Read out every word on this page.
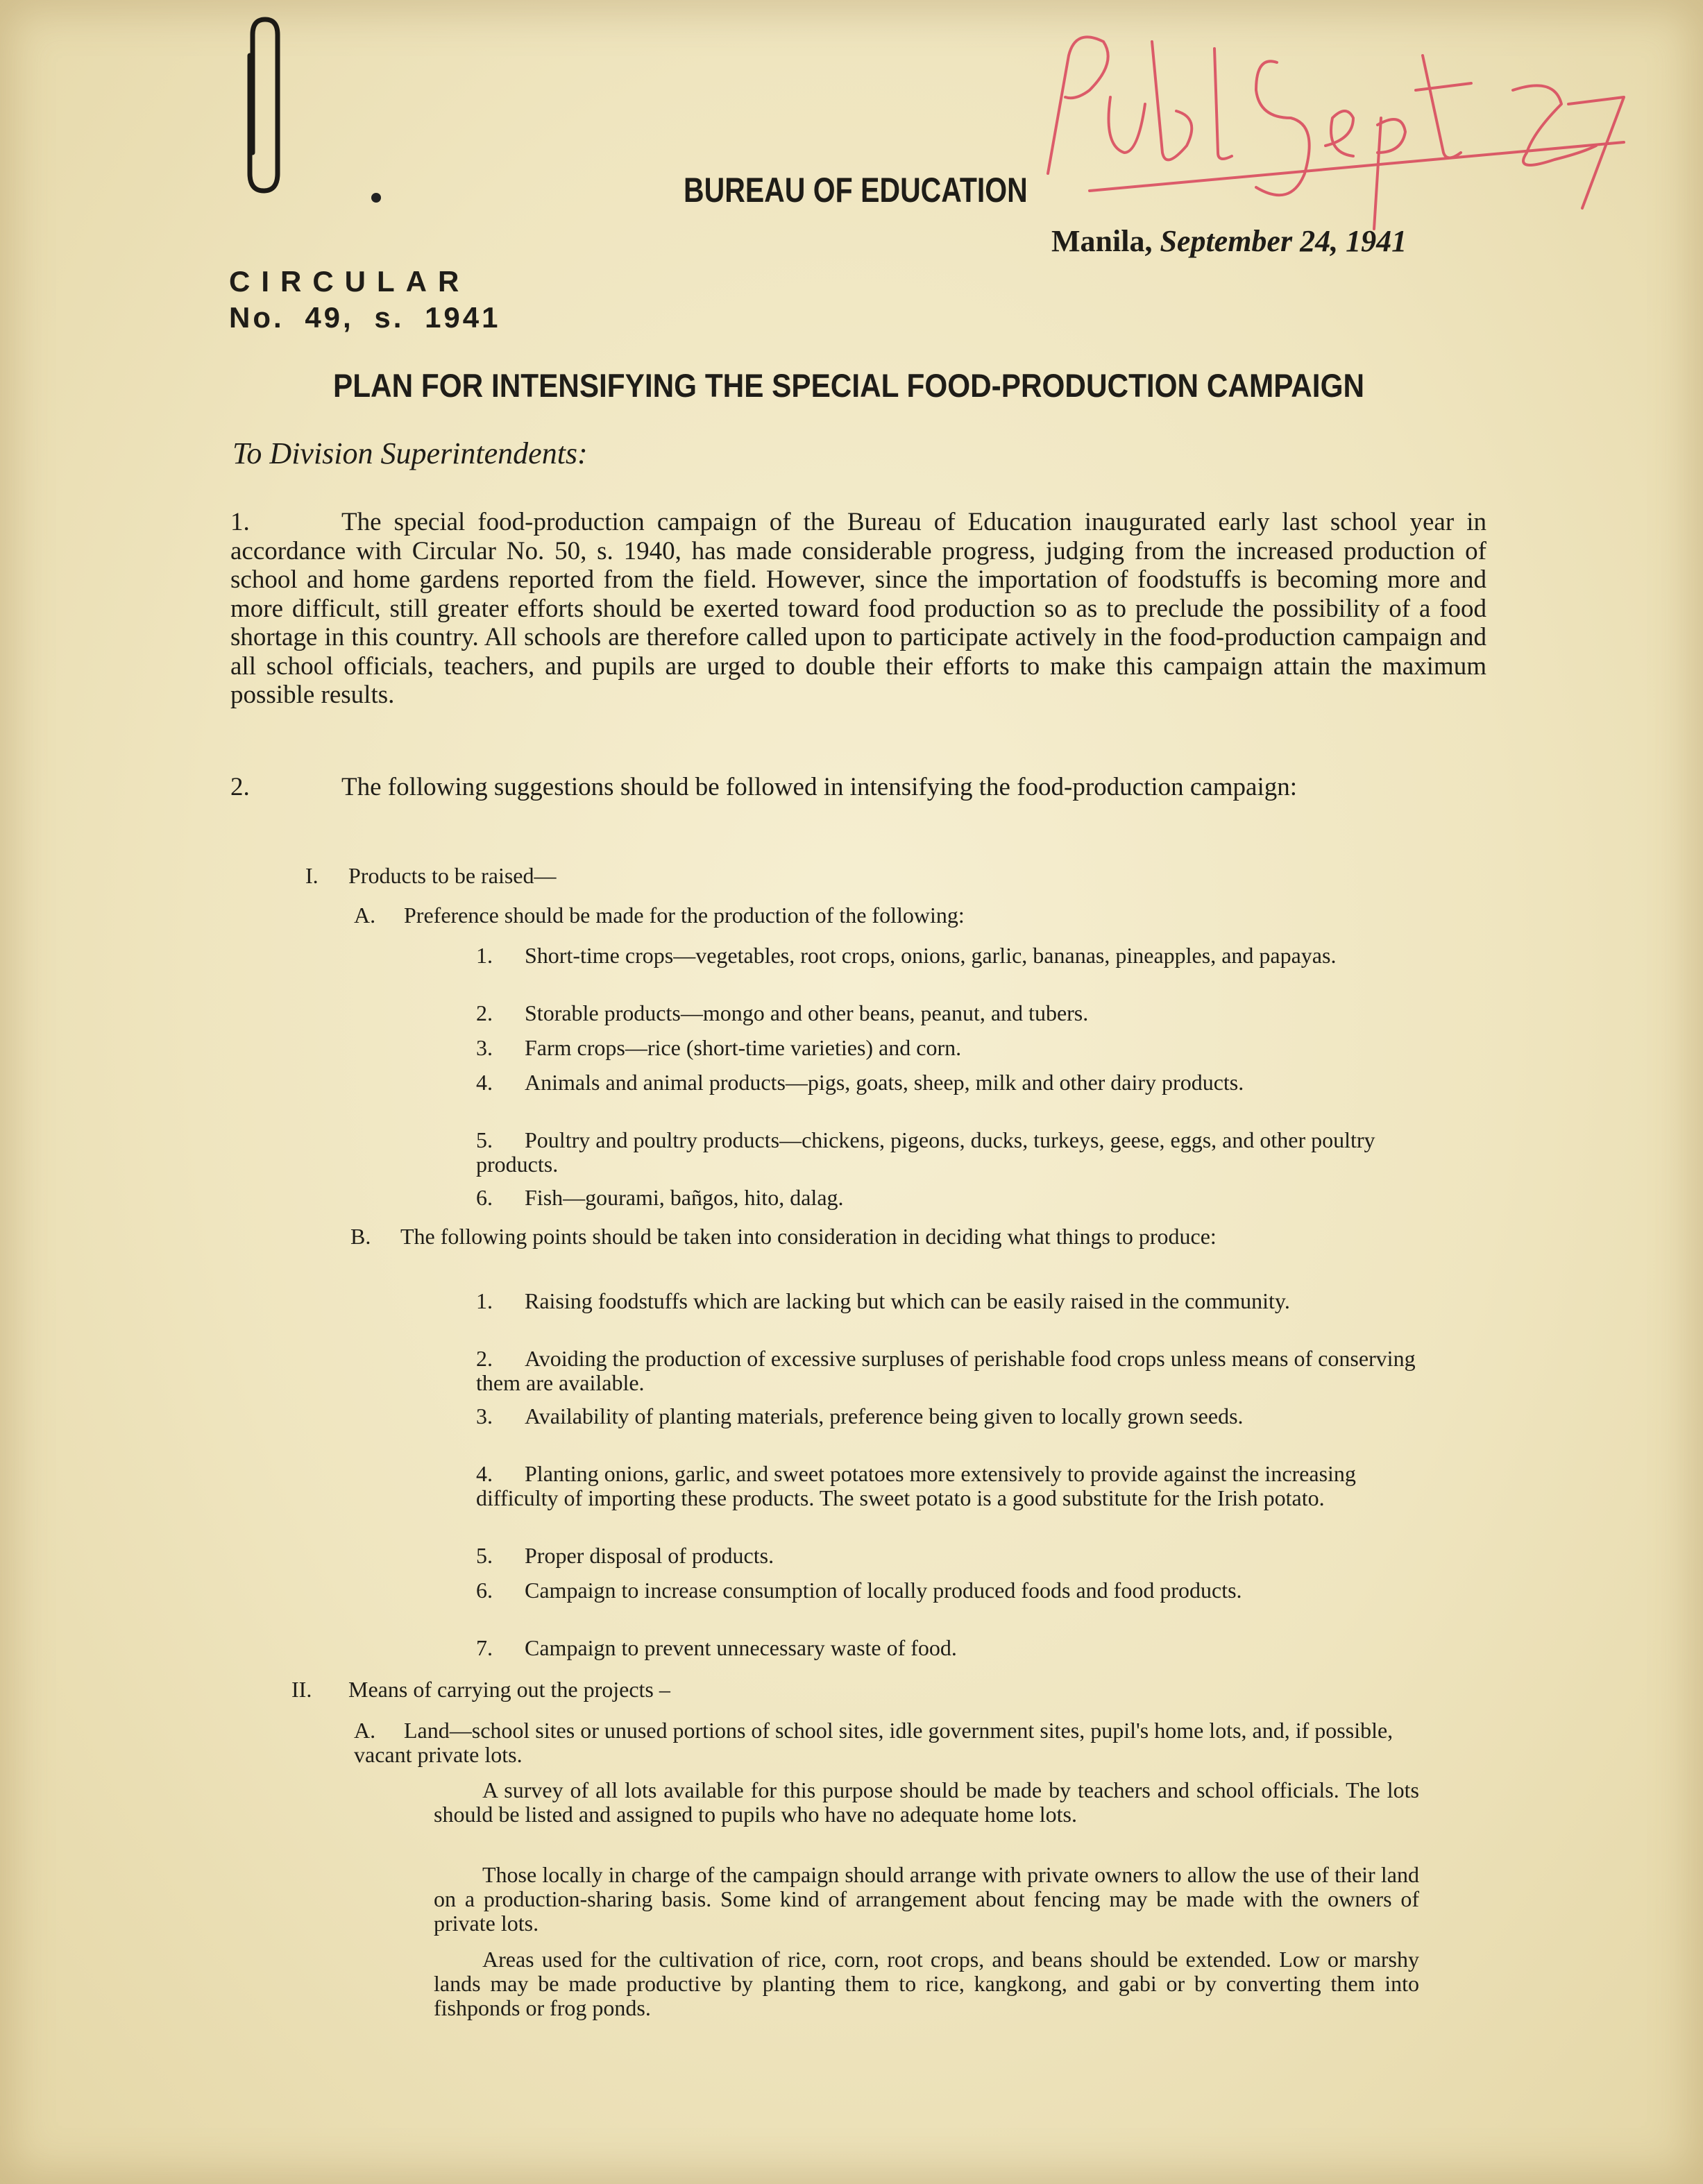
BUREAU OF EDUCATION
Manila, September 24, 1941
CIRCULAR
No. 49, s. 1941
PLAN FOR INTENSIFYING THE SPECIAL FOOD-PRODUCTION CAMPAIGN
To Division Superintendents:
1.	The special food-production campaign of the Bureau of Education inaugurated early last school year in accordance with Circular No. 50, s. 1940, has made considerable progress, judging from the increased production of school and home gardens reported from the field. However, since the importation of foodstuffs is becoming more and more difficult, still greater efforts should be exerted toward food production so as to preclude the possibility of a food shortage in this country. All schools are therefore called upon to participate actively in the food-production campaign and all school officials, teachers, and pupils are urged to double their efforts to make this campaign attain the maximum possible results.
2.	The following suggestions should be followed in intensifying the food-production campaign:
I. Products to be raised—
A. Preference should be made for the production of the following:
1. Short-time crops—vegetables, root crops, onions, garlic, bananas, pineapples, and papayas.
2. Storable products—mongo and other beans, peanut, and tubers.
3. Farm crops—rice (short-time varieties) and corn.
4. Animals and animal products—pigs, goats, sheep, milk and other dairy products.
5. Poultry and poultry products—chickens, pigeons, ducks, turkeys, geese, eggs, and other poultry products.
6. Fish—gourami, bañgos, hito, dalag.
B. The following points should be taken into consideration in deciding what things to produce:
1. Raising foodstuffs which are lacking but which can be easily raised in the community.
2. Avoiding the production of excessive surpluses of perishable food crops unless means of conserving them are available.
3. Availability of planting materials, preference being given to locally grown seeds.
4. Planting onions, garlic, and sweet potatoes more extensively to provide against the increasing difficulty of importing these products. The sweet potato is a good substitute for the Irish potato.
5. Proper disposal of products.
6. Campaign to increase consumption of locally produced foods and food products.
7. Campaign to prevent unnecessary waste of food.
II. Means of carrying out the projects –
A. Land—school sites or unused portions of school sites, idle government sites, pupil's home lots, and, if possible, vacant private lots.
A survey of all lots available for this purpose should be made by teachers and school officials. The lots should be listed and assigned to pupils who have no adequate home lots.
Those locally in charge of the campaign should arrange with private owners to allow the use of their land on a production-sharing basis. Some kind of arrangement about fencing may be made with the owners of private lots.
Areas used for the cultivation of rice, corn, root crops, and beans should be extended. Low or marshy lands may be made productive by planting them to rice, kangkong, and gabi or by converting them into fishponds or frog ponds.
